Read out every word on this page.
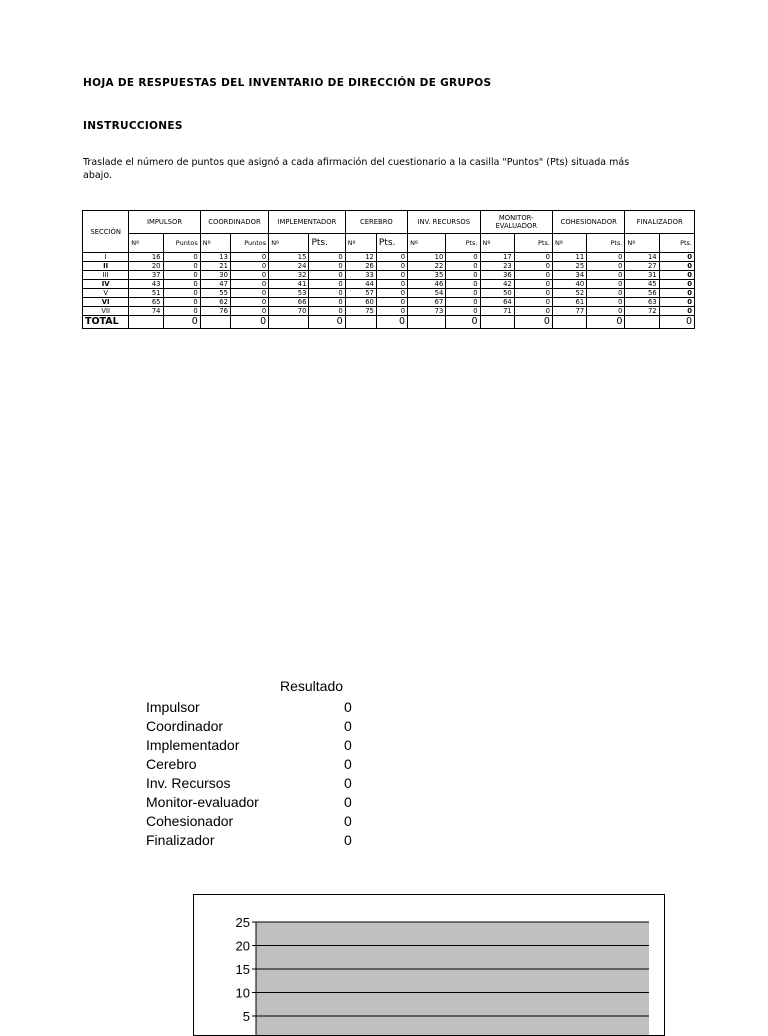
HOJA DE RESPUESTAS DEL INVENTARIO DE DIRECCIÓN DE GRUPOS
INSTRUCCIONES
Traslade el número de puntos que asignó a cada afirmación del cuestionario a la casilla "Puntos" (Pts) situada más abajo.
SECCIÓN	IMPULSOR		COORDINADOR		IMPLEMENTADOR		CEREBRO		INV. RECURSOS		MONITOR-EVALUADOR		COHESIONADOR		FINALIZADOR	
	Nº	Puntos	Nº	Puntos	Nº	Pts.	Nº	Pts.	Nº	Pts.	Nº	Pts.	Nº	Pts.	Nº	Pts.
I	16	0	13	0	15	0	12	0	10	0	17	0	11	0	14	0
II	20	0	21	0	24	0	26	0	22	0	23	0	25	0	27	0
III	37	0	30	0	32	0	33	0	35	0	36	0	34	0	31	0
IV	43	0	47	0	41	0	44	0	46	0	42	0	40	0	45	0
V	51	0	55	0	53	0	57	0	54	0	50	0	52	0	56	0
VI	65	0	62	0	66	0	60	0	67	0	64	0	61	0	63	0
VII	74	0	76	0	70	0	75	0	73	0	71	0	77	0	72	0
TOTAL		0		0		0		0		0		0		0		0
Resultado
Impulsor	0
Coordinador	0
Implementador	0
Cerebro	0
Inv. Recursos	0
Monitor-evaluador	0
Cohesionador	0
Finalizador	0
25
20
15
10
5
